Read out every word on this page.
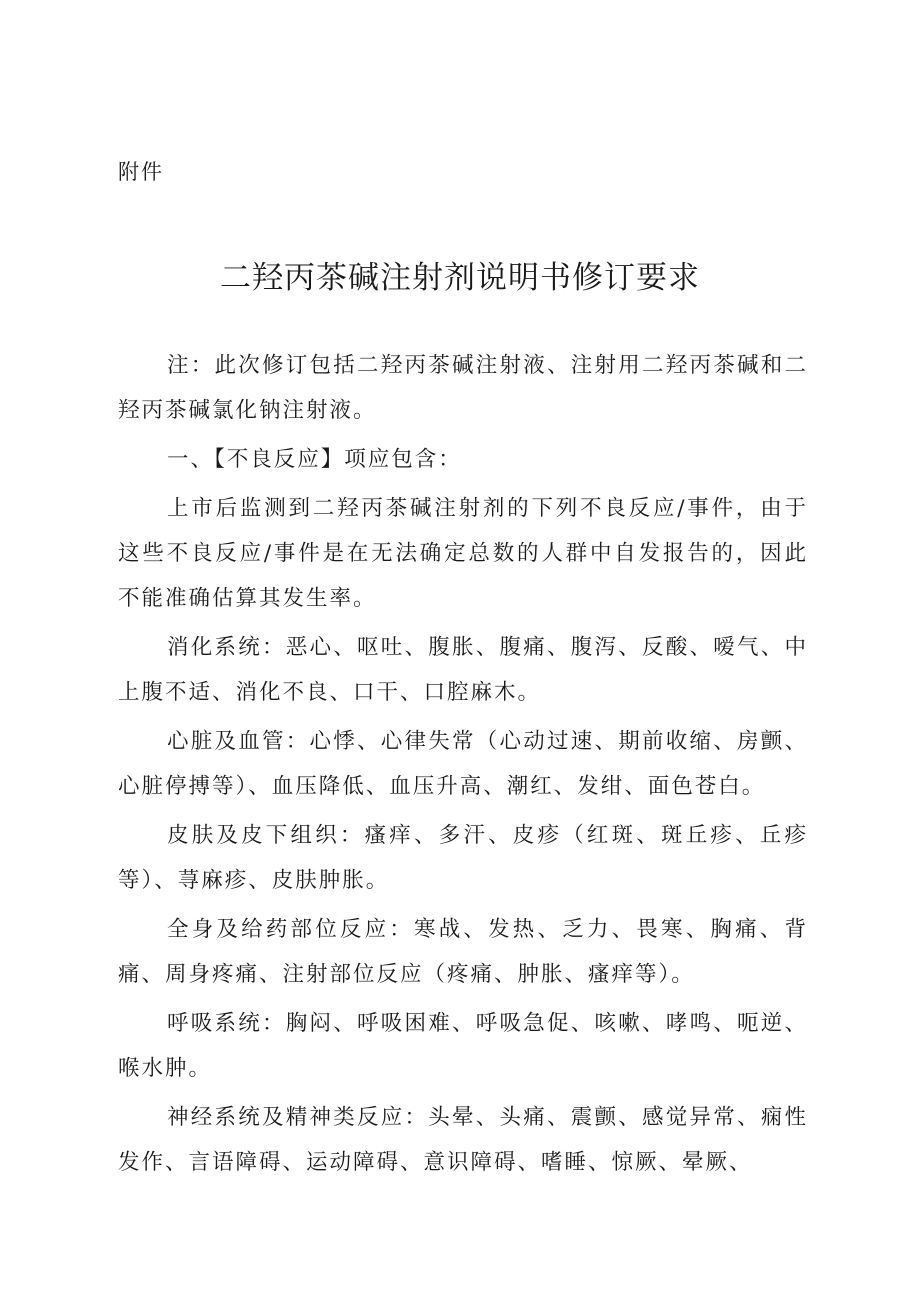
附件
二羟丙茶碱注射剂说明书修订要求

注：此次修订包括二羟丙茶碱注射液、注射用二羟丙茶碱和二羟丙茶碱氯化钠注射液。

一、【不良反应】项应包含：

上市后监测到二羟丙茶碱注射剂的下列不良反应/事件，由于这些不良反应/事件是在无法确定总数的人群中自发报告的，因此不能准确估算其发生率。

消化系统：恶心、呕吐、腹胀、腹痛、腹泻、反酸、嗳气、中上腹不适、消化不良、口干、口腔麻木。

心脏及血管：心悸、心律失常（心动过速、期前收缩、房颤、心脏停搏等）、血压降低、血压升高、潮红、发绀、面色苍白。

皮肤及皮下组织：瘙痒、多汗、皮疹（红斑、斑丘疹、丘疹等）、荨麻疹、皮肤肿胀。

全身及给药部位反应：寒战、发热、乏力、畏寒、胸痛、背痛、周身疼痛、注射部位反应（疼痛、肿胀、瘙痒等）。

呼吸系统：胸闷、呼吸困难、呼吸急促、咳嗽、哮鸣、呃逆、喉水肿。

神经系统及精神类反应：头晕、头痛、震颤、感觉异常、痫性发作、言语障碍、运动障碍、意识障碍、嗜睡、惊厥、晕厥、
